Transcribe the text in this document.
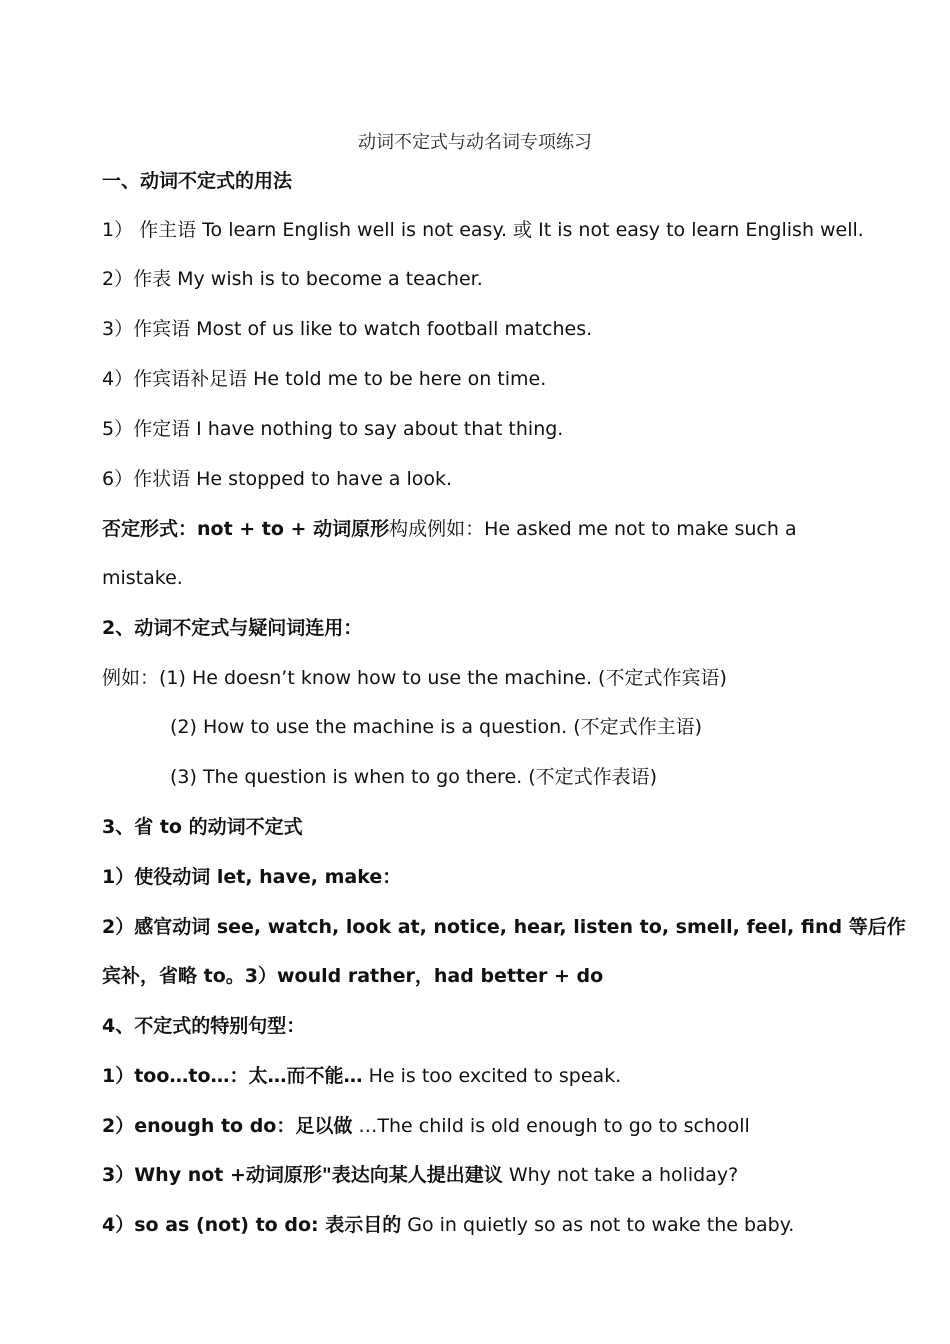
动词不定式与动名词专项练习
一、动词不定式的用法
1） 作主语 To learn English well is not easy. 或 It is not easy to learn English well.
2）作表 My wish is to become a teacher.
3）作宾语 Most of us like to watch football matches.
4）作宾语补足语 He told me to be here on time.
5）作定语 I have nothing to say about that thing.
6）作状语 He stopped to have a look.
否定形式：not + to + 动词原形构成例如：He asked me not to make such a
mistake.
2、动词不定式与疑问词连用：
例如：(1) He doesn’t know how to use the machine. (不定式作宾语)
(2) How to use the machine is a question. (不定式作主语)
(3) The question is when to go there. (不定式作表语)
3、省 to 的动词不定式
1）使役动词 let, have, make：
2）感官动词 see, watch, look at, notice, hear, listen to, smell, feel, find 等后作
宾补，省略 to。3）would rather，had better + do
4、不定式的特别句型：
1）too…to…：太…而不能… He is too excited to speak.
2）enough to do：足以做 …The child is old enough to go to schooll
3）Why not +动词原形"表达向某人提出建议 Why not take a holiday?
4）so as (not) to do: 表示目的 Go in quietly so as not to wake the baby.
